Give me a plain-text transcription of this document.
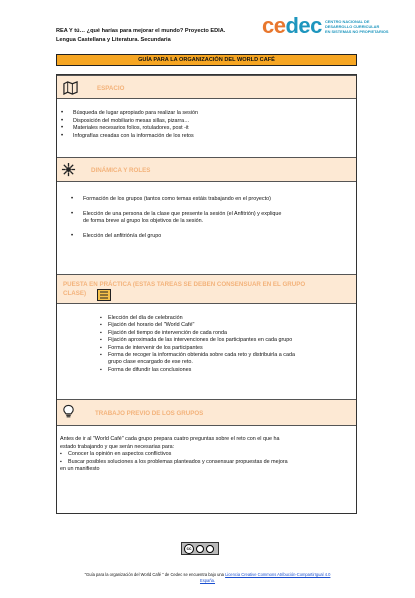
REA Y tú… ¿qué harías para mejorar el mundo? Proyecto EDIA.
Lengua Castellana y Literatura. Secundaria
cedec CENTRO NACIONAL DE
DESARROLLO CURRICULAR
EN SISTEMAS NO PROPIETARIOS
GUÍA PARA LA ORGANIZACIÓN DEL WORLD CAFÉ
ESPACIO
• Búsqueda de lugar apropiado para realizar la sesión
• Disposición del mobiliario mesas sillas, pizarra…
• Materiales necesarios folios, rotuladores, post -it
• Infografías creadas con la información de los retos
DINÁMICA Y ROLES
• Formación de los grupos (tantos como temas estáis trabajando en el proyecto)
• Elección de una persona de la clase que presente la sesión (el Anfitrión) y explique
de forma breve al grupo los objetivos de la sesión.
• Elección del anfitrión/a del grupo
PUESTA EN PRÁCTICA (ESTAS TAREAS SE DEBEN CONSENSUAR EN EL GRUPO
CLASE)
▪ Elección del día de celebración
▪ Fijación del horario del "World Café"
▪ Fijación del tiempo de intervención de cada ronda
▪ Fijación aproximada de las intervenciones de los participantes en cada grupo
▪ Forma de intervenir de los participantes
▪ Forma de recoger la información obtenida sobre cada reto y distribuirla a cada
grupo clase encargado de ese reto.
▪ Forma de difundir las conclusiones
TRABAJO PREVIO DE LOS GRUPOS
Antes de ir al "World Café" cada grupo prepara cuatro preguntas sobre el reto con el que ha
estado trabajando y que serán necesarias para:
▪ Conocer la opinión en aspectos conflictivos
▪ Buscar posibles soluciones a los problemas planteados y consensuar propuestas de mejora
en un manifiesto
cc
"Guía para la organización del World Café " de Cedec se encuentra bajo una Licencia Creative Commons Atribución-CompartirIgual 4.0
España.
